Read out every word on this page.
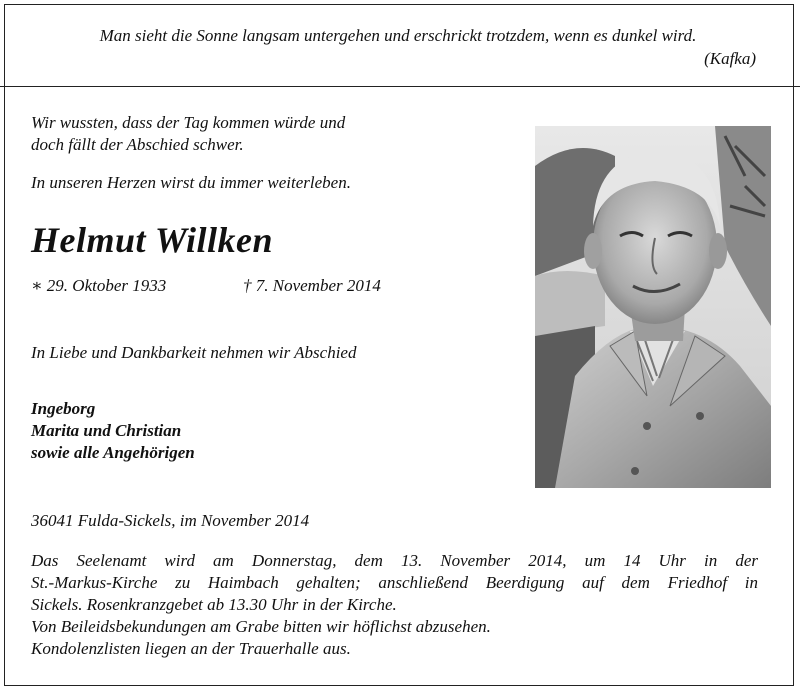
Man sieht die Sonne langsam untergehen und erschrickt trotzdem, wenn es dunkel wird.
(Kafka)
Wir wussten, dass der Tag kommen würde und
doch fällt der Abschied schwer.
In unseren Herzen wirst du immer weiterleben.
Helmut Willken
∗ 29. Oktober 1933	† 7. November 2014
In Liebe und Dankbarkeit nehmen wir Abschied
Ingeborg
Marita und Christian
sowie alle Angehörigen
36041 Fulda-Sickels, im November 2014
Das Seelenamt wird am Donnerstag, dem 13. November 2014, um 14 Uhr in der
St.-Markus-Kirche zu Haimbach gehalten; anschließend Beerdigung auf dem Friedhof in
Sickels. Rosenkranzgebet ab 13.30 Uhr in der Kirche.
Von Beileidsbekundungen am Grabe bitten wir höflichst abzusehen.
Kondolenzlisten liegen an der Trauerhalle aus.
